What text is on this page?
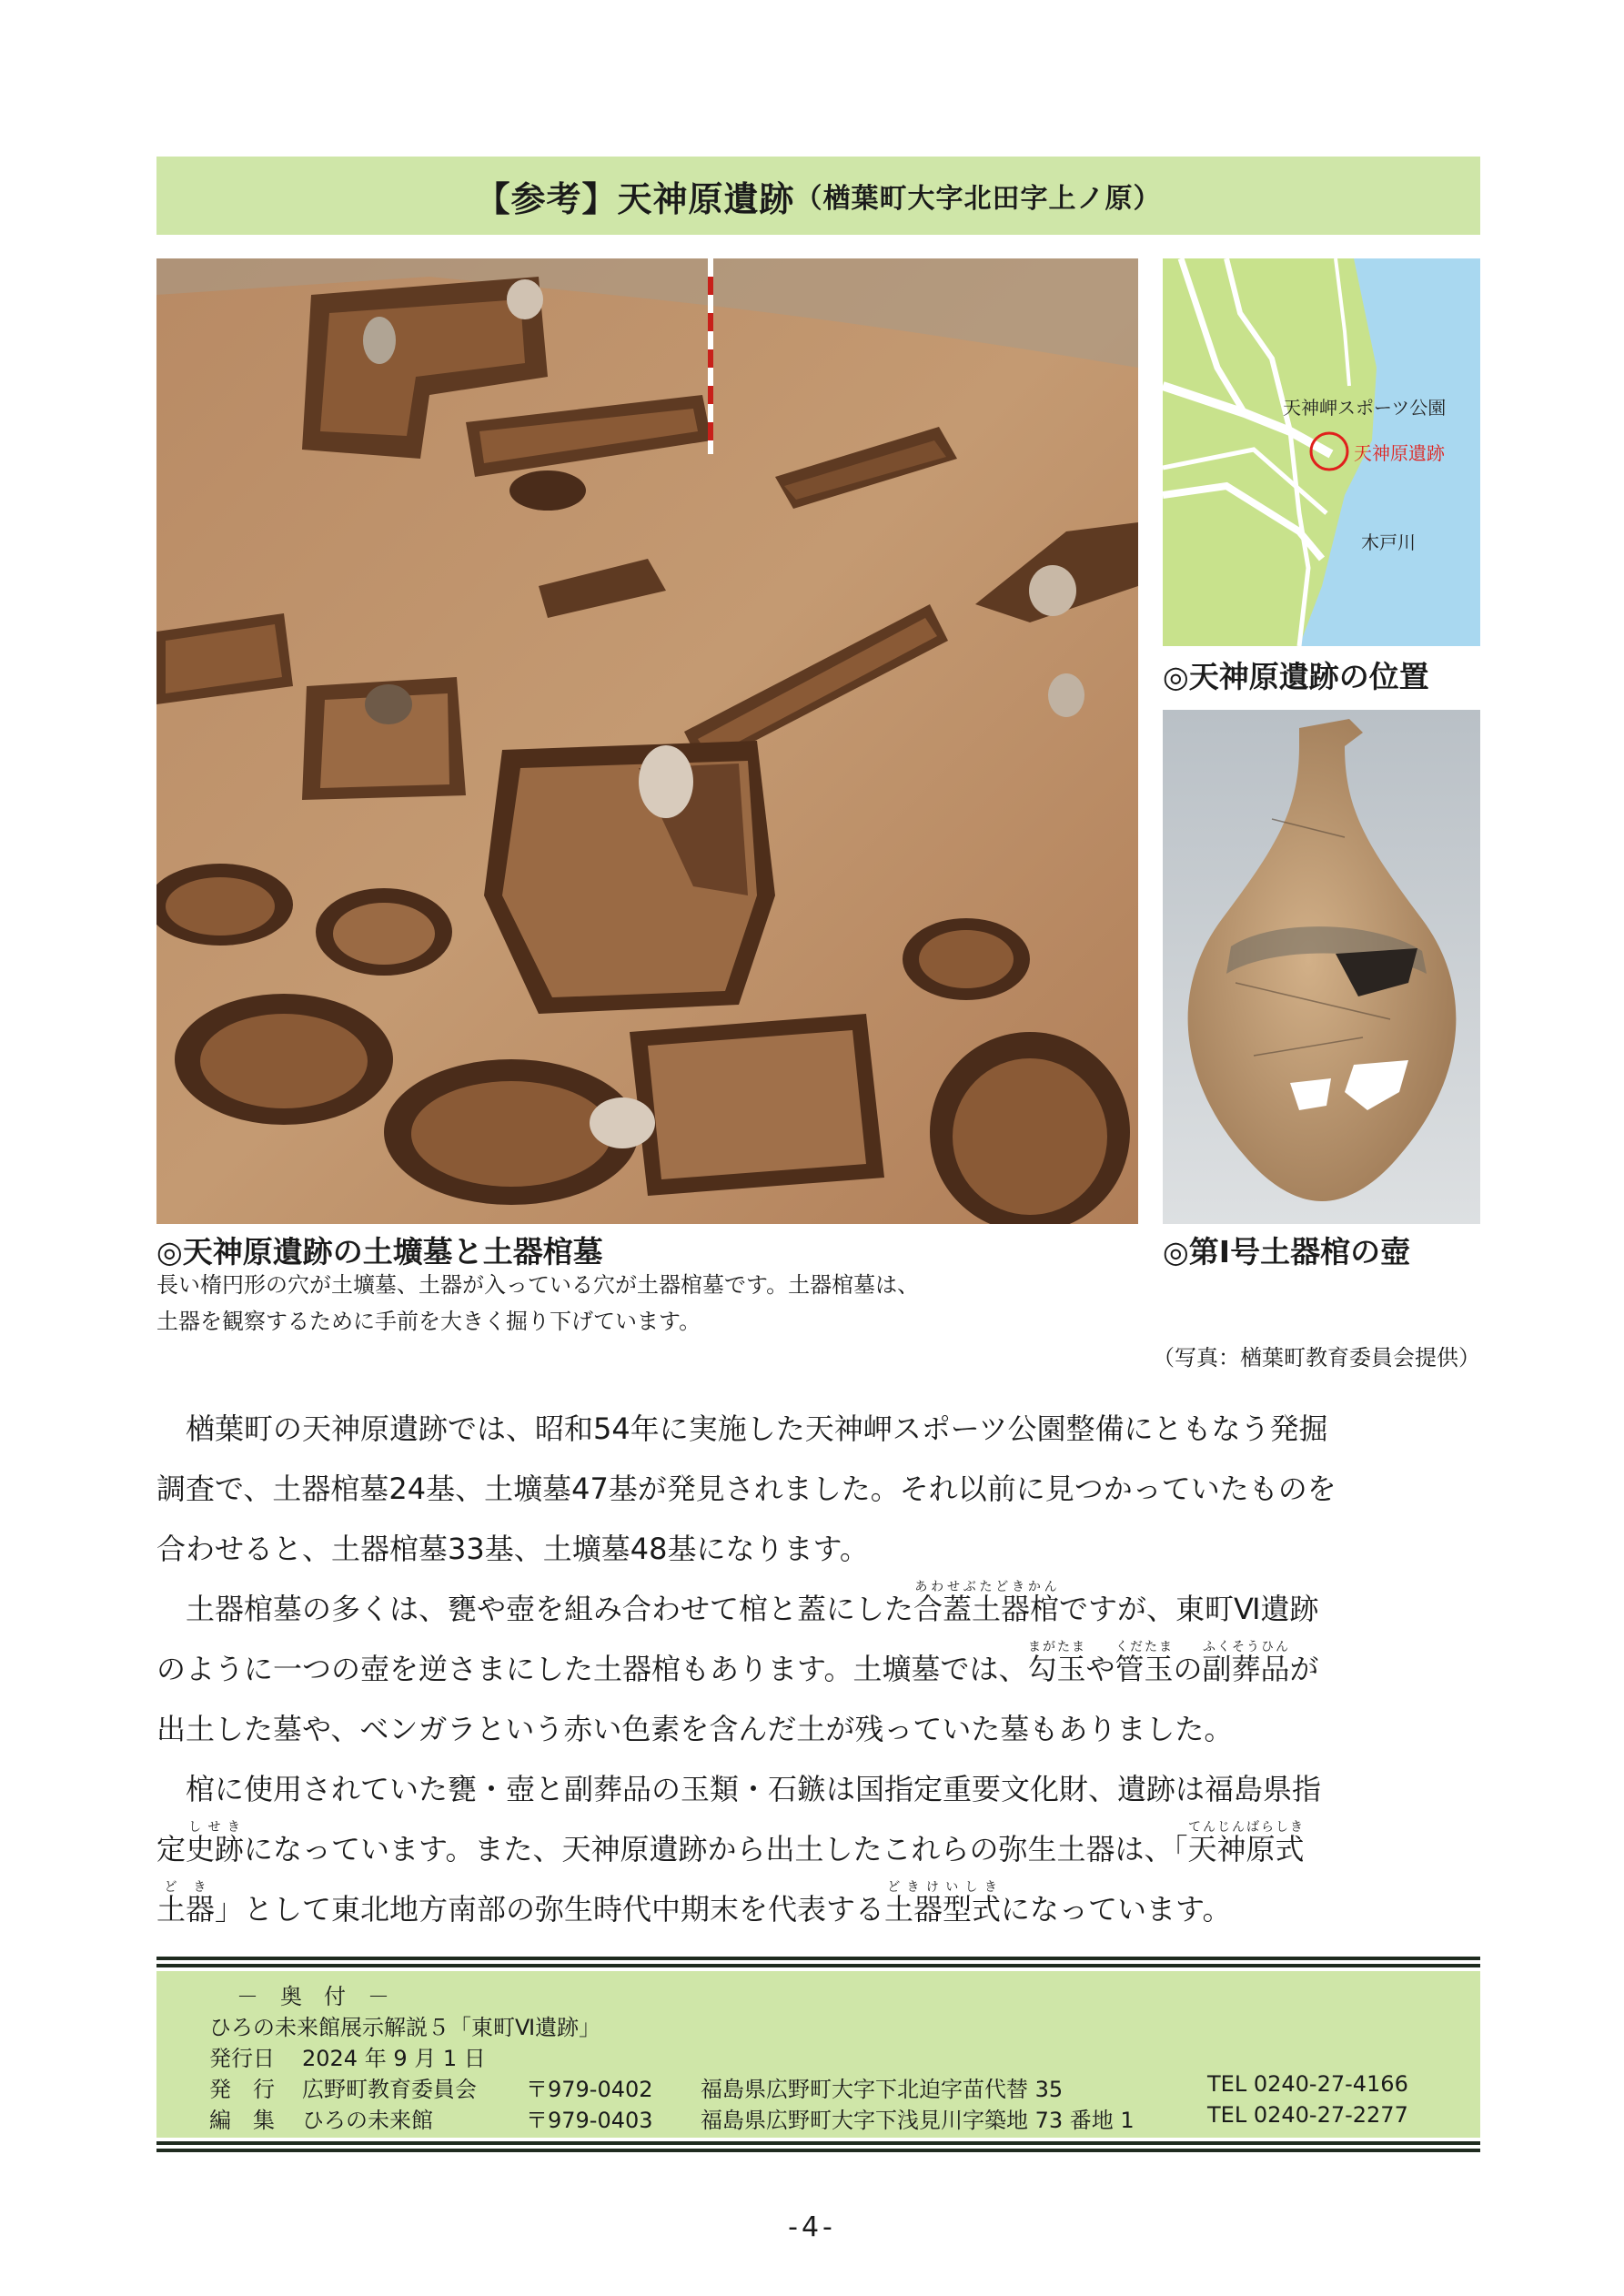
【参考】天神原遺跡 （楢葉町大字北田字上ノ原）
天神岬スポーツ公園
天神原遺跡
木戸川
◎天神原遺跡の位置
◎第Ⅰ号土器棺の壺
◎天神原遺跡の土壙墓と土器棺墓
長い楕円形の穴が土壙墓、土器が入っている穴が土器棺墓です。土器棺墓は、
土器を観察するために手前を大きく掘り下げています。
（写真：楢葉町教育委員会提供）
　楢葉町の天神原遺跡では、昭和54年に実施した天神岬スポーツ公園整備にともなう発掘
調査で、土器棺墓24基、土壙墓47基が発見されました。それ以前に見つかっていたものを
合わせると、土器棺墓33基、土壙墓48基になります。
　土器棺墓の多くは、甕や壺を組み合わせて棺と蓋にした合蓋土器棺あわせぶたどきかんですが、東町Ⅵ遺跡
のように一つの壺を逆さまにした土器棺もあります。土壙墓では、勾玉まがたまや管玉くだたまの副葬品ふくそうひんが
出土した墓や、ベンガラという赤い色素を含んだ土が残っていた墓もありました。
　棺に使用されていた甕・壺と副葬品の玉類・石鏃は国指定重要文化財、遺跡は福島県指
定史跡しせきになっています。また、天神原遺跡から出土したこれらの弥生土器は、「天神原式てんじんばらしき
土器どき」として東北地方南部の弥生時代中期末を代表する土器型式どきけいしきになっています。
－　奥　付　－
ひろの未来館展示解説５「東町Ⅵ遺跡」
発行日 2024 年 9 月 1 日
発　行 広野町教育委員会 〒979-0402 福島県広野町大字下北迫字苗代替 35	TEL 0240-27-4166
編　集 ひろの未来館	〒979-0403 福島県広野町大字下浅見川字築地 73 番地 1	TEL 0240-27-2277
-4-
